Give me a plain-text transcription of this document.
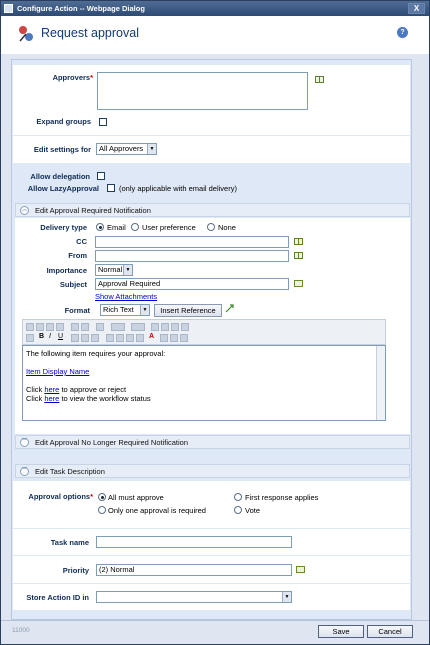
Configure Action -- Webpage Dialog	X
Request approval	?
Approvers*
Expand groups
Edit settings for	All Approvers	▼
Allow delegation
Allow LazyApproval	(only applicable with email delivery)
︽ Edit Approval Required Notification
Delivery type	Email User preference	None
CC
From
Importance	Normal ▼
Subject	Approval Required
Show Attachments
Format	Rich Text	▼	Insert Reference
B I U	A
The following item requires your approval:
Item Display Name
Click here to approve or reject
Click here to view the workflow status
︾ Edit Approval No Longer Required Notification
︾ Edit Task Description
Approval options* All must approve	First response applies
Only one approval is required	Vote
Task name
Priority	(2) Normal
Store Action ID in	▼
11000	Save	Cancel
